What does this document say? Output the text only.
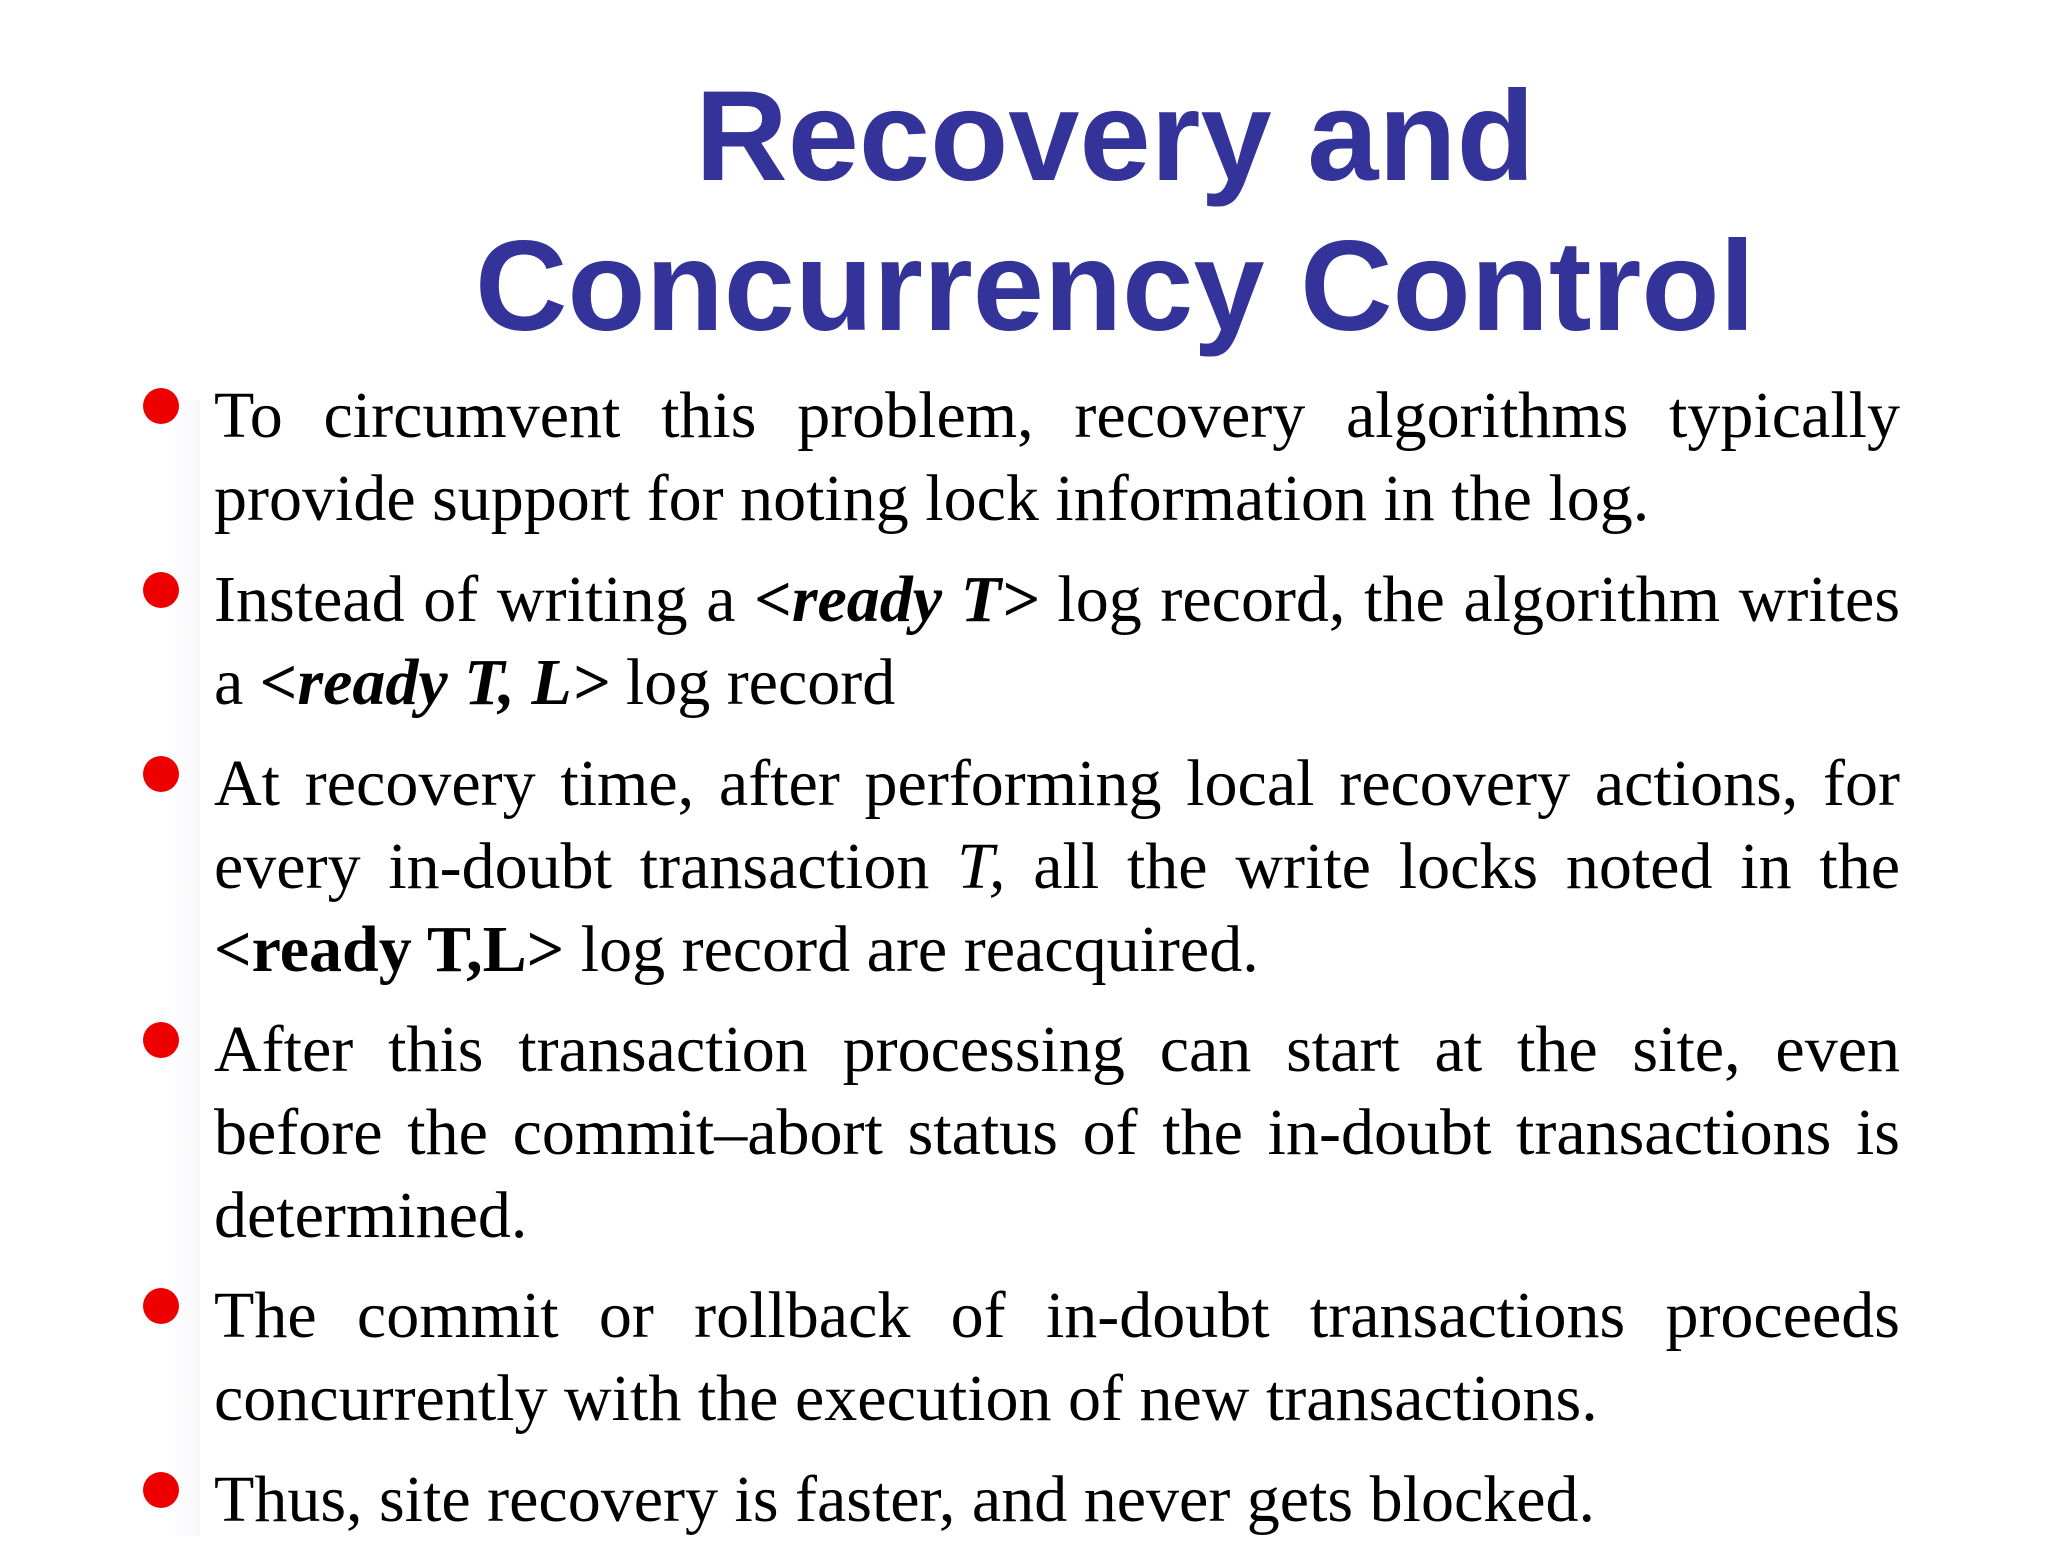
Recovery and
Concurrency Control
To circumvent this problem, recovery algorithms typically provide support for noting lock information in the log.
Instead of writing a <ready T> log record, the algorithm writes a <ready T, L> log record
At recovery time, after performing local recovery actions, for every in-doubt transaction T, all the write locks noted in the <ready T,L> log record are reacquired.
After this transaction processing can start at the site, even before the commit–abort status of the in-doubt transactions is determined.
The commit or rollback of in-doubt transactions proceeds concurrently with the execution of new transactions.
Thus, site recovery is faster, and never gets blocked.
